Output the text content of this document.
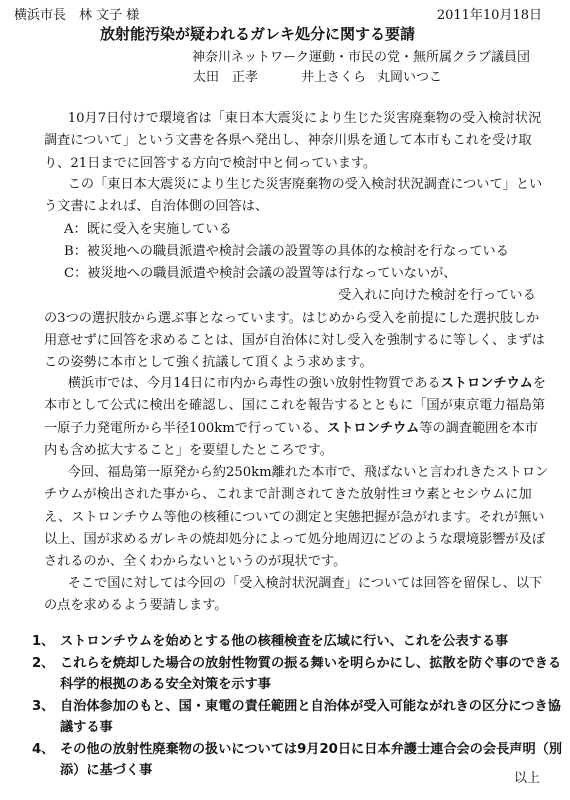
横浜市長　林 文子 様	2011年10月18日
放射能汚染が疑われるガレキ処分に関する要請
神奈川ネットワーク運動・市民の党・無所属クラブ議員団
太田　正孝	井上さくら 丸岡いつこ

10月7日付けで環境省は「東日本大震災により生じた災害廃棄物の受入検討状況調査について」という文書を各県へ発出し、神奈川県を通して本市もこれを受け取り、21日までに回答する方向で検討中と伺っています。

この「東日本大震災により生じた災害廃棄物の受入検討状況調査について」という文書によれば、自治体側の回答は、

A：既に受入を実施している

B：被災地への職員派遣や検討会議の設置等の具体的な検討を行なっている

C：被災地への職員派遣や検討会議の設置等は行なっていないが、

受入れに向けた検討を行っている

の3つの選択肢から選ぶ事となっています。はじめから受入を前提にした選択肢しか用意せずに回答を求めることは、国が自治体に対し受入を強制するに等しく、まずはこの姿勢に本市として強く抗議して頂くよう求めます。

横浜市では、今月14日に市内から毒性の強い放射性物質であるストロンチウムを本市として公式に検出を確認し、国にこれを報告するとともに「国が東京電力福島第一原子力発電所から半径100kmで行っている、ストロンチウム等の調査範囲を本市内も含め拡大すること」を要望したところです。

今回、福島第一原発から約250km離れた本市で、飛ばないと言われきたストロンチウムが検出された事から、これまで計測されてきた放射性ヨウ素とセシウムに加え、ストロンチウム等他の核種についての測定と実態把握が急がれます。それが無い以上、国が求めるガレキの焼却処分によって処分地周辺にどのような環境影響が及ぼされるのか、全くわからないというのが現状です。

そこで国に対しては今回の「受入検討状況調査」については回答を留保し、以下の点を求めるよう要請します。

1、 ストロンチウムを始めとする他の核種検査を広域に行い、これを公表する事
2、 これらを焼却した場合の放射性物質の振る舞いを明らかにし、拡散を防ぐ事のできる科学的根拠のある安全対策を示す事
3、 自治体参加のもと、国・東電の責任範囲と自治体が受入可能ながれきの区分につき協議する事
4、 その他の放射性廃棄物の扱いについては9月20日に日本弁護士連合会の会長声明（別添）に基づく事
以上
